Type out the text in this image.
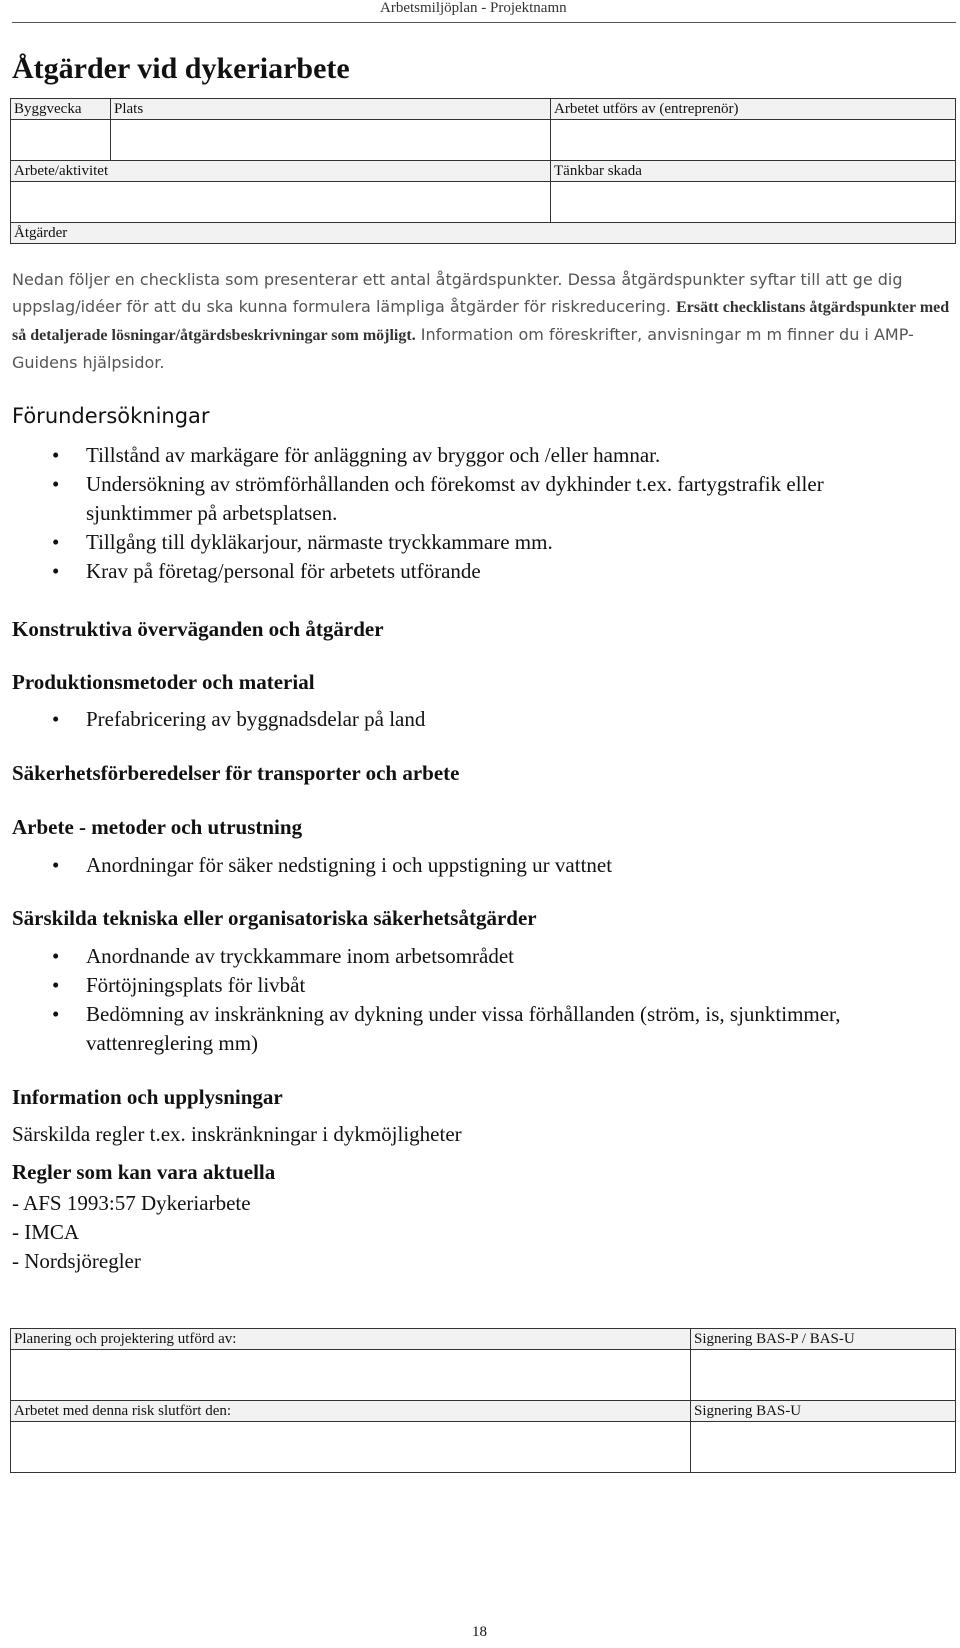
Arbetsmiljöplan - Projektnamn
Åtgärder vid dykeriarbete
Byggvecka	Plats	Arbetet utförs av (entreprenör)

Arbete/aktivitet		Tänkbar skada

Åtgärder		

Nedan följer en checklista som presenterar ett antal åtgärdspunkter. Dessa åtgärdspunkter syftar till att ge dig uppslag/idéer för att du ska kunna formulera lämpliga åtgärder för riskreducering. Ersätt checklistans åtgärdspunkter med så detaljerade lösningar/åtgärdsbeskrivningar som möjligt. Information om föreskrifter, anvisningar m m finner du i AMP-Guidens hjälpsidor.

Förundersökningar
• Tillstånd av markägare för anläggning av bryggor och /eller hamnar.
• Undersökning av strömförhållanden och förekomst av dykhinder t.ex. fartygstrafik eller sjunktimmer på arbetsplatsen.
• Tillgång till dykläkarjour, närmaste tryckkammare mm.
• Krav på företag/personal för arbetets utförande
Konstruktiva överväganden och åtgärder
Produktionsmetoder och material
• Prefabricering av byggnadsdelar på land
Säkerhetsförberedelser för transporter och arbete
Arbete - metoder och utrustning
• Anordningar för säker nedstigning i och uppstigning ur vattnet
Särskilda tekniska eller organisatoriska säkerhetsåtgärder
• Anordnande av tryckkammare inom arbetsområdet
• Förtöjningsplats för livbåt
• Bedömning av inskränkning av dykning under vissa förhållanden (ström, is, sjunktimmer, vattenreglering mm)
Information och upplysningar

Särskilda regler t.ex. inskränkningar i dykmöjligheter

Regler som kan vara aktuella

- AFS 1993:57 Dykeriarbete

- IMCA

- Nordsjöregler

Planering och projektering utförd av:	Signering BAS-P / BAS-U

Arbetet med denna risk slutfört den:	Signering BAS-U

18
